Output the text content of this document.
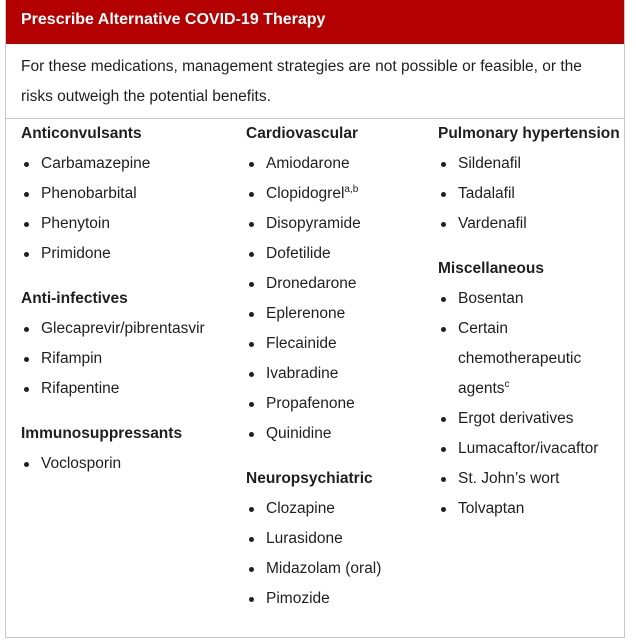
Prescribe Alternative COVID-19 Therapy
For these medications, management strategies are not possible or feasible, or the risks outweigh the potential benefits.
Anticonvulsants
Carbamazepine
Phenobarbital
Phenytoin
Primidone
Anti-infectives
Glecaprevir/pibrentasvir
Rifampin
Rifapentine
Immunosuppressants
Voclosporin
Cardiovascular
Amiodarone
Clopidogrel$^{a,b}$
Disopyramide
Dofetilide
Dronedarone
Eplerenone
Flecainide
Ivabradine
Propafenone
Quinidine
Neuropsychiatric
Clozapine
Lurasidone
Midazolam (oral)
Pimozide
Pulmonary hypertension
Sildenafil
Tadalafil
Vardenafil
Miscellaneous
Bosentan
Certain chemotherapeutic agents$^c$
Ergot derivatives
Lumacaftor/ivacaftor
St. John’s wort
Tolvaptan
